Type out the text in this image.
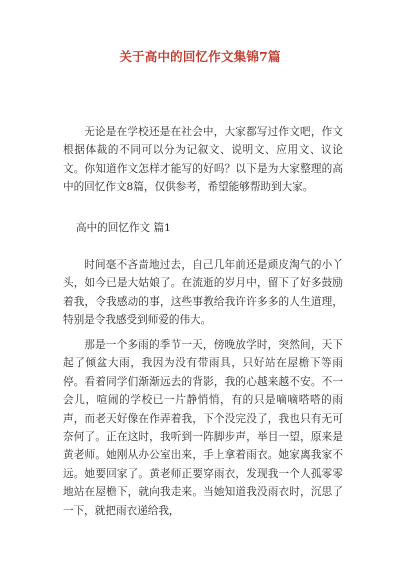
关于高中的回忆作文集锦7篇

无论是在学校还是在社会中，大家都写过作文吧，作文根据体裁的不同可以分为记叙文、说明文、应用文、议论文。你知道作文怎样才能写的好吗？以下是为大家整理的高中的回忆作文8篇，仅供参考，希望能够帮助到大家。

高中的回忆作文 篇1

时间毫不吝啬地过去，自己几年前还是顽皮淘气的小丫头，如今已是大姑娘了。在流逝的岁月中，留下了好多鼓励着我，令我感动的事，这些事教给我许许多多的人生道理，特别是令我感受到师爱的伟大。

那是一个多雨的季节一天，傍晚放学时，突然间，天下起了倾盆大雨，我因为没有带雨具，只好站在屋檐下等雨停。看着同学们渐渐远去的背影，我的心越来越不安。不一会儿，喧闹的学校已一片静悄悄，有的只是嘀嘀嗒嗒的雨声，而老天好像在作弄着我，下个没完没了，我也只有无可奈何了。正在这时，我听到一阵脚步声，举目一望，原来是黄老师。她刚从办公室出来，手上拿着雨衣。她家离我家不远。她要回家了。黄老师正要穿雨衣，发现我一个人孤零零地站在屋檐下，就向我走来。当她知道我没雨衣时，沉思了一下，就把雨衣递给我，
